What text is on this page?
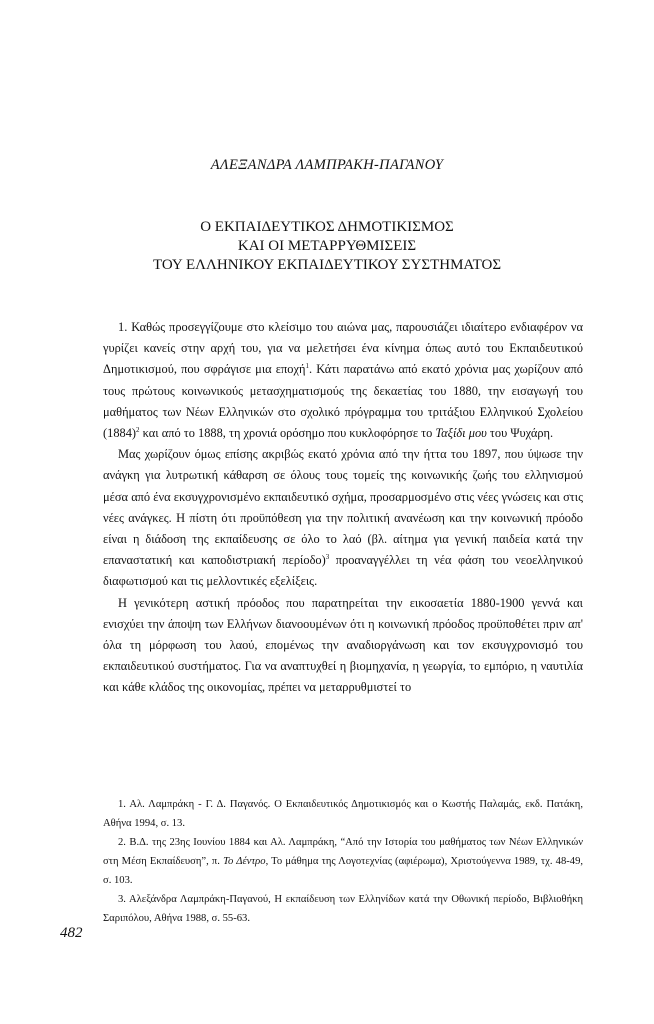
ΑΛΕΞΑΝΔΡΑ ΛΑΜΠΡΑΚΗ-ΠΑΓΑΝΟΥ
Ο ΕΚΠΑΙΔΕΥΤΙΚΟΣ ΔΗΜΟΤΙΚΙΣΜΟΣ
ΚΑΙ ΟΙ ΜΕΤΑΡΡΥΘΜΙΣΕΙΣ
ΤΟΥ ΕΛΛΗΝΙΚΟΥ ΕΚΠΑΙΔΕΥΤΙΚΟΥ ΣΥΣΤΗΜΑΤΟΣ

1. Καθώς προσεγγίζουμε στο κλείσιμο του αιώνα μας, παρουσιάζει ιδιαίτερο ενδιαφέρον να γυρίζει κανείς στην αρχή του, για να μελετήσει ένα κίνημα όπως αυτό του Εκπαιδευτικού Δημοτικισμού, που σφράγισε μια εποχή$^1$. Κάτι παρατάνω από εκατό χρόνια μας χωρίζουν από τους πρώτους κοινωνικούς μετασχηματισμούς της δεκαετίας του 1880, την εισαγωγή του μαθήματος των Νέων Ελληνικών στο σχολικό πρόγραμμα του τριτάξιου Ελληνικού Σχολείου $(1884)^2$ και από το 1888, τη χρονιά ορόσημο που κυκλοφόρησε το Ταξίδι μου του Ψυχάρη.

Μας χωρίζουν όμως επίσης ακριβώς εκατό χρόνια από την ήττα του 1897, που ύψωσε την ανάγκη για λυτρωτική κάθαρση σε όλους τους τομείς της κοινωνικής ζωής του ελληνισμού μέσα από ένα εκσυγχρονισμένο εκπαιδευτικό σχήμα, προσαρμοσμένο στις νέες γνώσεις και στις νέες ανάγκες. Η πίστη ότι προϋπόθεση για την πολιτική ανανέωση και την κοινωνική πρόοδο είναι η διάδοση της εκπαίδευσης σε όλο το λαό (βλ. αίτημα για γενική παιδεία κατά την επαναστατική και καποδιστριακή περίοδο)$^3$ προαναγγέλλει τη νέα φάση του νεοελληνικού διαφωτισμού και τις μελλοντικές εξελίξεις.

Η γενικότερη αστική πρόοδος που παρατηρείται την εικοσαετία 1880-1900 γεννά και ενισχύει την άποψη των Ελλήνων διανοουμένων ότι η κοινωνική πρόοδος προϋποθέτει πριν απ' όλα τη μόρφωση του λαού, επομένως την αναδιοργάνωση και τον εκσυγχρονισμό του εκπαιδευτικού συστήματος. Για να αναπτυχθεί η βιομηχανία, η γεωργία, το εμπόριο, η ναυτιλία και κάθε κλάδος της οικονομίας, πρέπει να μεταρρυθμιστεί το

1. Αλ. Λαμπράκη - Γ. Δ. Παγανός. Ο Εκπαιδευτικός Δημοτικισμός και ο Κωστής Παλαμάς, εκδ. Πατάκη, Αθήνα 1994, σ. 13.

2. Β.Δ. της 23ης Ιουνίου 1884 και Αλ. Λαμπράκη, “Από την Ιστορία του μαθήματος των Νέων Ελληνικών στη Μέση Εκπαίδευση”, π. Το Δέντρο, Το μάθημα της Λογοτεχνίας (αφιέρωμα), Χριστούγεννα 1989, τχ. 48-49, σ. 103.

3. Αλεξάνδρα Λαμπράκη-Παγανού, Η εκπαίδευση των Ελληνίδων κατά την Οθωνική περίοδο, Βιβλιοθήκη Σαριπόλου, Αθήνα 1988, σ. 55-63.

482
